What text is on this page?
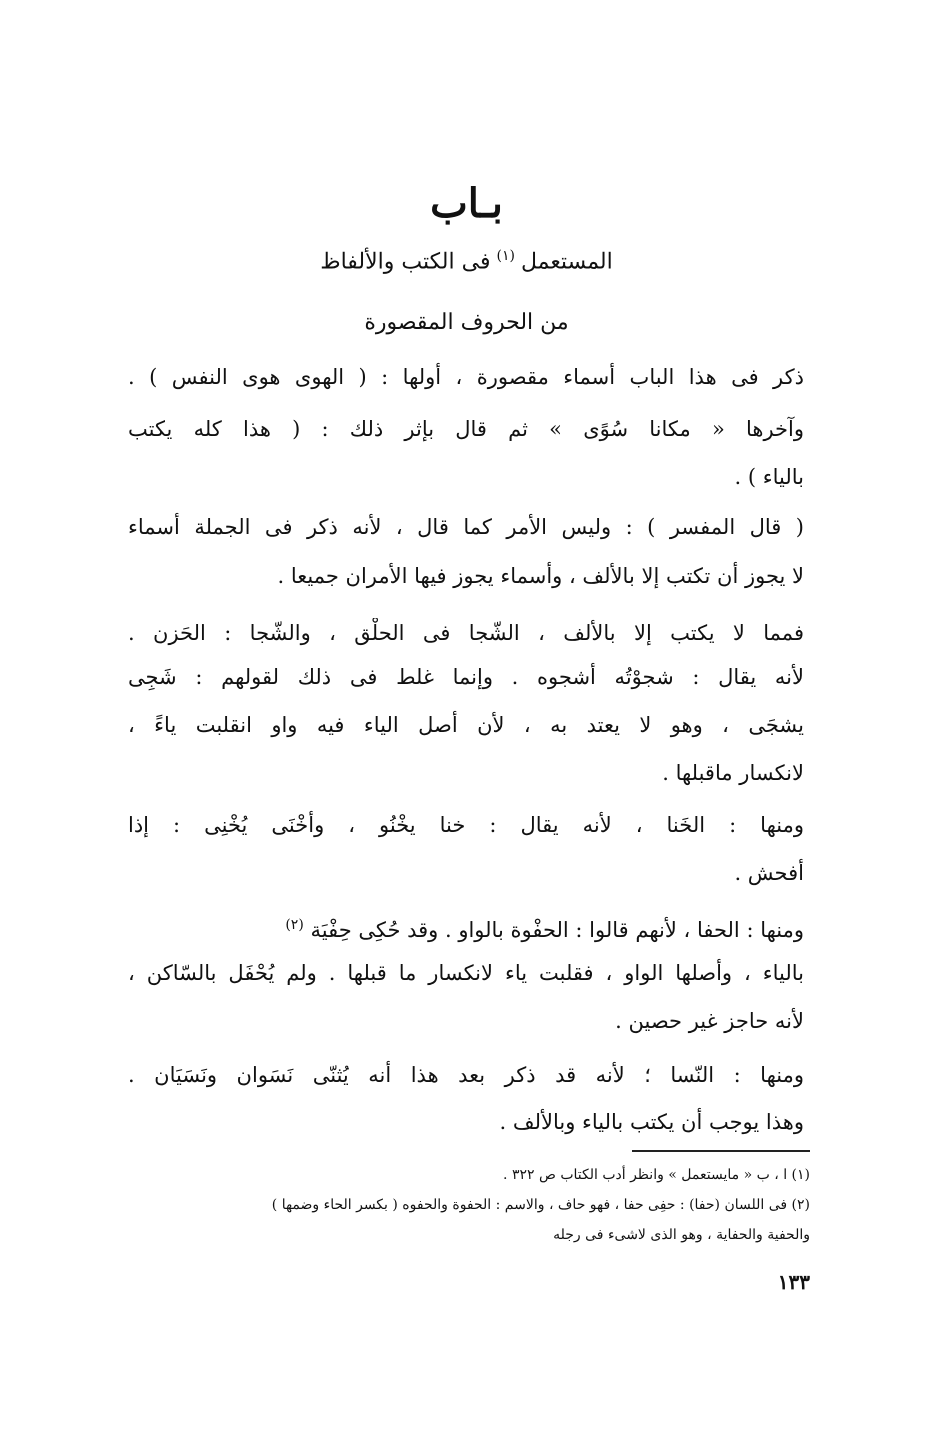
بـاب
المستعمل$^{(١)}$فى الكتب والألفاظ
من الحروف المقصورة
ذكر فى هذا الباب أسماء مقصورة ، أولها : ( الهوى هوى النفس ) .
وآخرها « مكانا سُوًى » ثم قال بإثر ذلك : ( هذا كله يكتب
بالياء ) .
( قال المفسر ) : وليس الأمر كما قال ، لأنه ذكر فى الجملة أسماء
لا يجوز أن تكتب إلا بالألف ، وأسماء يجوز فيها الأمران جميعا .
فمما لا يكتب إلا بالألف ، الشّجا فى الحلْق ، والشّجا : الحَزن .
لأنه يقال : شجوْتُه أشجوه . وإنما غلط فى ذلك لقولهم : شَجِى
يشجَى ، وهو لا يعتد به ، لأن أصل الياء فيه واو انقلبت ياءً ،
لانكسار ماقبلها .
ومنها : الخَنا ، لأنه يقال : خنا يخْنُو ، وأخْنَى يُخْنِى : إذا
أفحش .
ومنها : الحفا ، لأنهم قالوا : الحفْوة بالواو . وقد حُكِى حِفْيَة $^{(٢)}$
بالياء ، وأصلها الواو ، فقلبت ياء لانكسار ما قبلها . ولم يُحْفَل بالسّاكن ،
لأنه حاجز غير حصين .
ومنها : النّسا ؛ لأنه قد ذكر بعد هذا أنه يُثنّى نَسَوان ونَسَيَان .
وهذا يوجب أن يكتب بالياء وبالألف .
(١) ا ، ب « مايستعمل » وانظر أدب الكتاب ص ٣٢٢ .
(٢) فى اللسان (حفا) : حفِى حفا ، فهو حاف ، والاسم : الحفوة والحفوه ( بكسر الحاء وضمها )
والحفية والحفاية ، وهو الذى لاشىء فى رجله
١٣٣
